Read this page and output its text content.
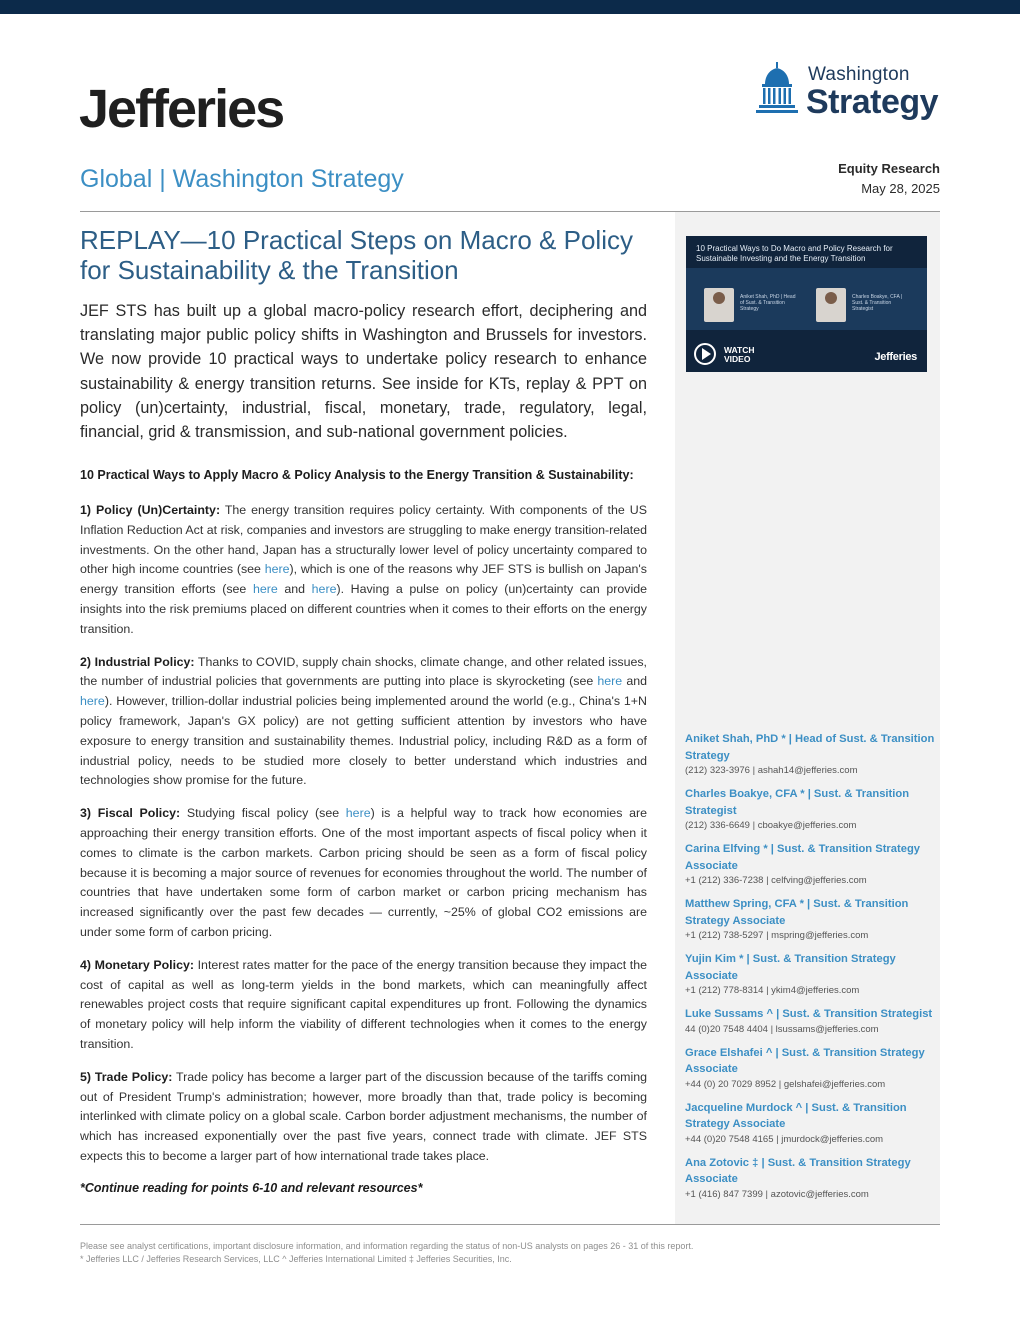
Jefferies
Washington
Strategy
Global | Washington Strategy	Equity Research
May 28, 2025
REPLAY—10 Practical Steps on Macro & Policy for Sustainability & the Transition

JEF STS has built up a global macro-policy research effort, deciphering and translating major public policy shifts in Washington and Brussels for investors. We now provide 10 practical ways to undertake policy research to enhance sustainability & energy transition returns. See inside for KTs, replay & PPT on policy (un)certainty, industrial, fiscal, monetary, trade, regulatory, legal, financial, grid & transmission, and sub-national government policies.

10 Practical Ways to Apply Macro & Policy Analysis to the Energy Transition & Sustainability:

1) Policy (Un)Certainty: The energy transition requires policy certainty. With components of the US Inflation Reduction Act at risk, companies and investors are struggling to make energy transition-related investments. On the other hand, Japan has a structurally lower level of policy uncertainty compared to other high income countries (see here), which is one of the reasons why JEF STS is bullish on Japan's energy transition efforts (see here and here). Having a pulse on policy (un)certainty can provide insights into the risk premiums placed on different countries when it comes to their efforts on the energy transition.

2) Industrial Policy: Thanks to COVID, supply chain shocks, climate change, and other related issues, the number of industrial policies that governments are putting into place is skyrocketing (see here and here). However, trillion-dollar industrial policies being implemented around the world (e.g., China's 1+N policy framework, Japan's GX policy) are not getting sufficient attention by investors who have exposure to energy transition and sustainability themes. Industrial policy, including R&D as a form of industrial policy, needs to be studied more closely to better understand which industries and technologies show promise for the future.

3) Fiscal Policy: Studying fiscal policy (see here) is a helpful way to track how economies are approaching their energy transition efforts. One of the most important aspects of fiscal policy when it comes to climate is the carbon markets. Carbon pricing should be seen as a form of fiscal policy because it is becoming a major source of revenues for economies throughout the world. The number of countries that have undertaken some form of carbon market or carbon pricing mechanism has increased significantly over the past few decades — currently, ~25% of global CO2 emissions are under some form of carbon pricing.

4) Monetary Policy: Interest rates matter for the pace of the energy transition because they impact the cost of capital as well as long-term yields in the bond markets, which can meaningfully affect renewables project costs that require significant capital expenditures up front. Following the dynamics of monetary policy will help inform the viability of different technologies when it comes to the energy transition.

5) Trade Policy: Trade policy has become a larger part of the discussion because of the tariffs coming out of President Trump's administration; however, more broadly than that, trade policy is becoming interlinked with climate policy on a global scale. Carbon border adjustment mechanisms, the number of which has increased exponentially over the past five years, connect trade with climate. JEF STS expects this to become a larger part of how international trade takes place.

*Continue reading for points 6-10 and relevant resources*
10 Practical Ways to Do Macro and Policy Research for Sustainable Investing and the Energy Transition
Aniket Shah, PhD | Head of Sust. & Transition Strategy
Charles Boakye, CFA | Sust. & Transition Strategist
WATCH
VIDEO	Jefferies
Aniket Shah, PhD * | Head of Sust. & Transition Strategy
(212) 323-3976 | ashah14@jefferies.com
Charles Boakye, CFA * | Sust. & Transition Strategist
(212) 336-6649 | cboakye@jefferies.com
Carina Elfving * | Sust. & Transition Strategy Associate
+1 (212) 336-7238 | celfving@jefferies.com
Matthew Spring, CFA * | Sust. & Transition Strategy Associate
+1 (212) 738-5297 | mspring@jefferies.com
Yujin Kim * | Sust. & Transition Strategy Associate
+1 (212) 778-8314 | ykim4@jefferies.com
Luke Sussams ^ | Sust. & Transition Strategist
44 (0)20 7548 4404 | lsussams@jefferies.com
Grace Elshafei ^ | Sust. & Transition Strategy Associate
+44 (0) 20 7029 8952 | gelshafei@jefferies.com
Jacqueline Murdock ^ | Sust. & Transition Strategy Associate
+44 (0)20 7548 4165 | jmurdock@jefferies.com
Ana Zotovic ‡ | Sust. & Transition Strategy Associate
+1 (416) 847 7399 | azotovic@jefferies.com
Please see analyst certifications, important disclosure information, and information regarding the status of non-US analysts on pages 26 - 31 of this report.
* Jefferies LLC / Jefferies Research Services, LLC ^ Jefferies International Limited ‡ Jefferies Securities, Inc.
